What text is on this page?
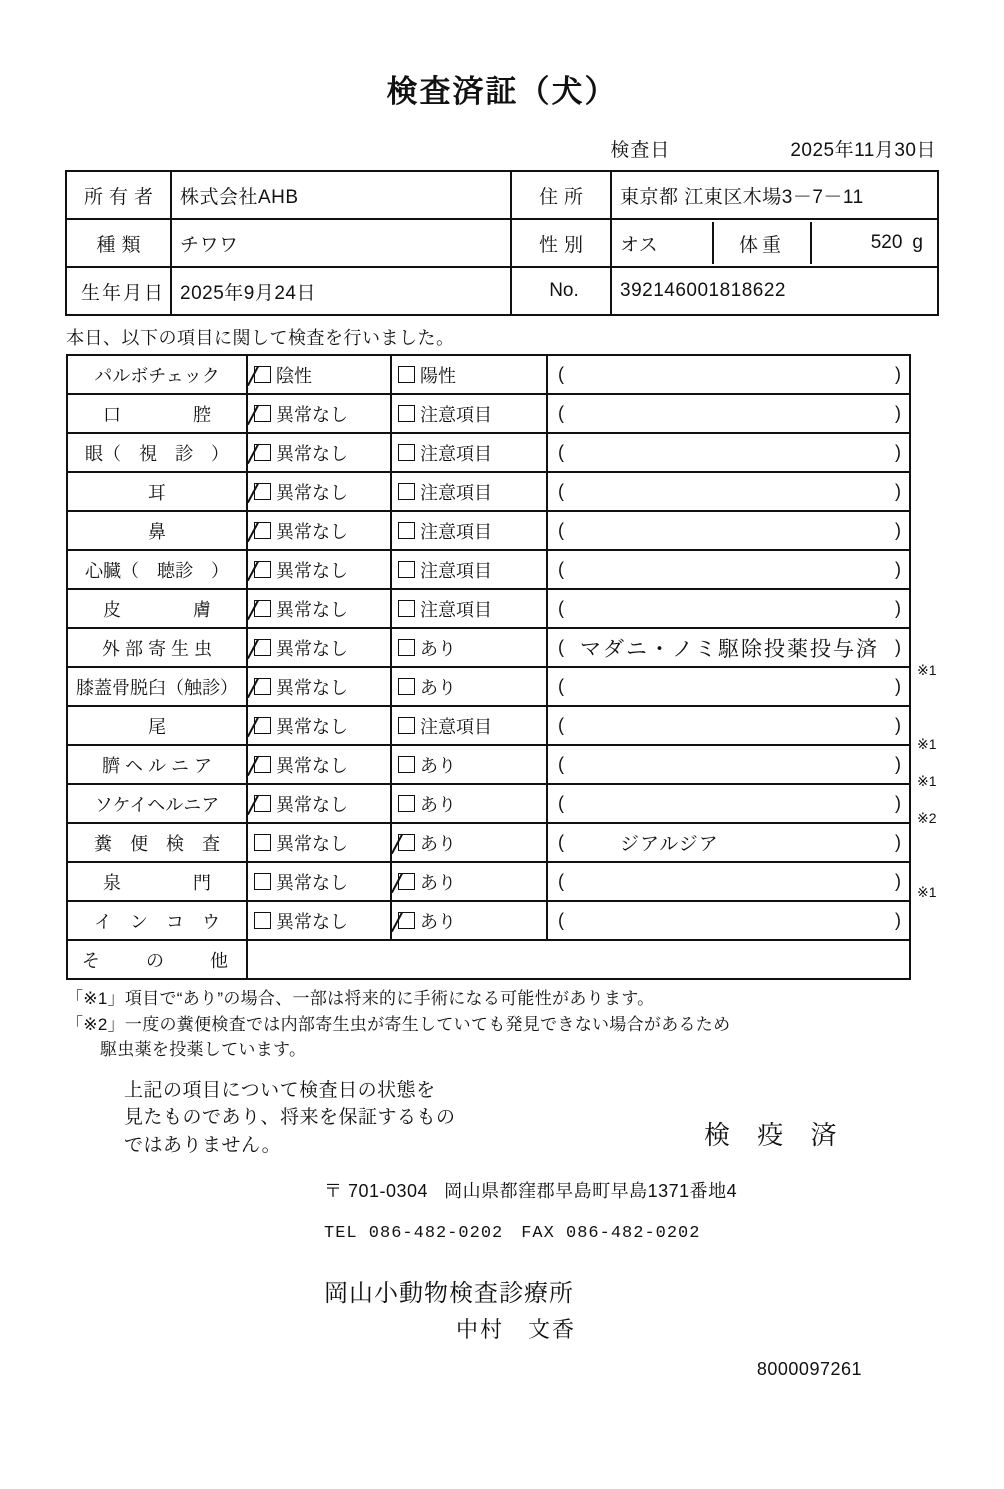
検査済証（犬）
検査日	2025年11月30日
所有者	株式会社AHB	住所	東京都 江東区木場3－7－11
種類	チワワ	性別	オス	体重	520 g

生年月日	2025年9月24日	No.	392146001818622
本日、以下の項目に関して検査を行いました。
パルボチェック	陰性	陽性	( )

口　　　　腔	異常なし	注意項目	( )

眼（　視　診　）	異常なし	注意項目	( )

耳	異常なし	注意項目	( )

鼻	異常なし	注意項目	( )

心臓（　聴診　）	異常なし	注意項目	( )

皮　　　　膚	異常なし	注意項目	( )

外 部 寄 生 虫	異常なし	あり	( マダニ・ノミ駆除投薬投与済 )

膝蓋骨脱臼（触診）	異常なし	あり	( )

尾	異常なし	注意項目	( )

臍 ヘ ル ニ ア	異常なし	あり	( )

ソケイヘルニア	異常なし	あり	( )

糞　便　検　査	異常なし	あり	( ジアルジア )

泉　　　　門	異常なし	あり	( )

イ　ン　コ　ウ	異常なし	あり	( )

そ　の　他			
※1
※1
※1
※2
※1
「※1」項目で“あり”の場合、一部は将来的に手術になる可能性があります。
「※2」一度の糞便検査では内部寄生虫が寄生していても発見できない場合があるため
駆虫薬を投薬しています。
上記の項目について検査日の状態を
見たものであり、将来を保証するもの
ではありません。	検 疫 済
〒 701-0304 岡山県都窪郡早島町早島1371番地4
TEL 086-482-0202　FAX 086-482-0202
岡山小動物検査診療所
中村　文香
8000097261
